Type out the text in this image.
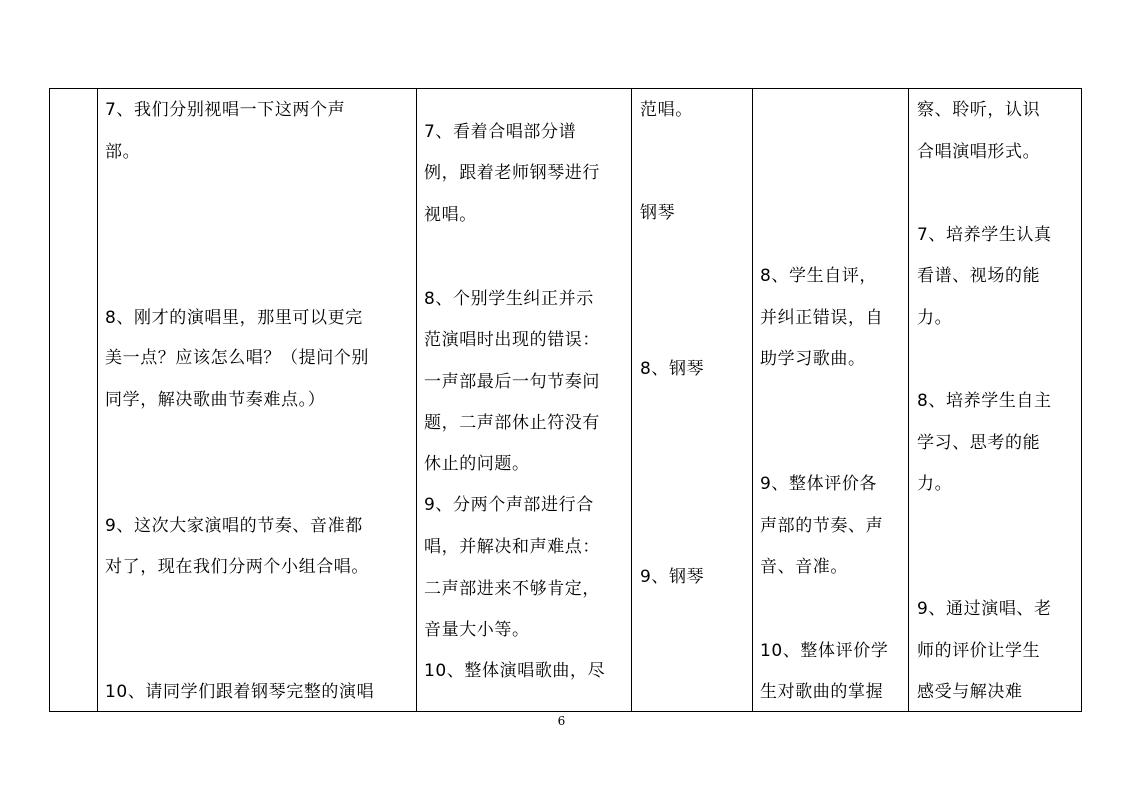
7、我们分别视唱一下这两个声
部。
8、刚才的演唱里，那里可以更完
美一点？应该怎么唱？（提问个别
同学，解决歌曲节奏难点。）
9、这次大家演唱的节奏、音准都
对了，现在我们分两个小组合唱。
10、请同学们跟着钢琴完整的演唱

7、看着合唱部分谱
例，跟着老师钢琴进行
视唱。
8、个别学生纠正并示
范演唱时出现的错误：
一声部最后一句节奏问
题，二声部休止符没有
休止的问题。
9、分两个声部进行合
唱，并解决和声难点：
二声部进来不够肯定，
音量大小等。
10、整体演唱歌曲，尽

范唱。
钢琴
8、钢琴
9、钢琴

8、学生自评，
并纠正错误，自
助学习歌曲。
9、整体评价各
声部的节奏、声
音、音准。
10、整体评价学
生对歌曲的掌握

察、聆听，认识
合唱演唱形式。
7、培养学生认真
看谱、视场的能
力。
8、培养学生自主
学习、思考的能
力。
9、通过演唱、老
师的评价让学生
感受与解决难
6
